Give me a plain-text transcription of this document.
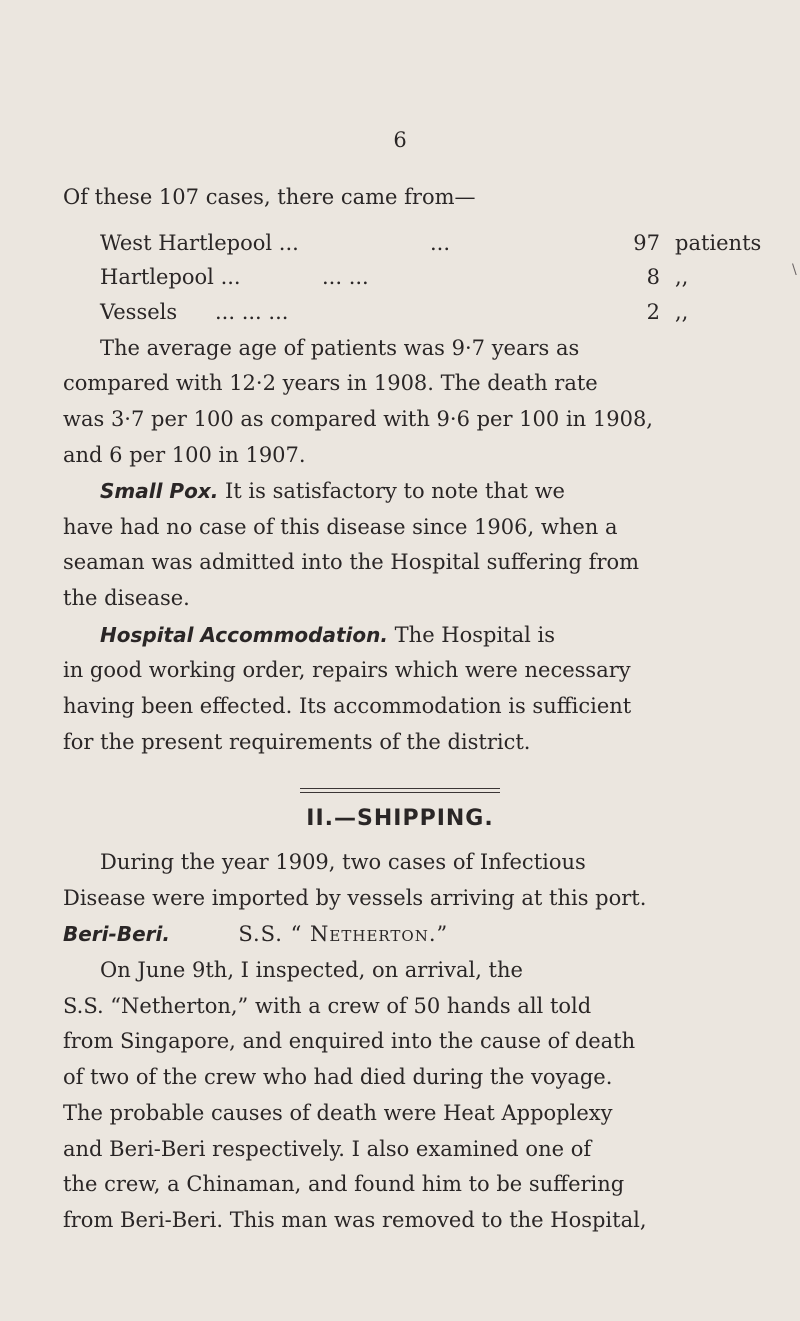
6
Of these 107 cases, there came from—
West Hartlepool ...	...	97 patients
Hartlepool ...	... ...	8 ,,
Vessels ... ... ...	2 ,,
The average age of patients was 9·7 years as
compared with 12·2 years in 1908. The death rate
was 3·7 per 100 as compared with 9·6 per 100 in 1908,
and 6 per 100 in 1907.
Small Pox. It is satisfactory to note that we
have had no case of this disease since 1906, when a
seaman was admitted into the Hospital suffering from
the disease.
Hospital Accommodation. The Hospital is
in good working order, repairs which were necessary
having been effected. Its accommodation is sufficient
for the present requirements of the district.
II.—SHIPPING.
During the year 1909, two cases of Infectious
Disease were imported by vessels arriving at this port.
Beri-Beri.	S.S. “ Netherton.”
On June 9th, I inspected, on arrival, the
S.S. “Netherton,” with a crew of 50 hands all told
from Singapore, and enquired into the cause of death
of two of the crew who had died during the voyage.
The probable causes of death were Heat Appoplexy
and Beri-Beri respectively. I also examined one of
the crew, a Chinaman, and found him to be suffering
from Beri-Beri. This man was removed to the Hospital,
\
